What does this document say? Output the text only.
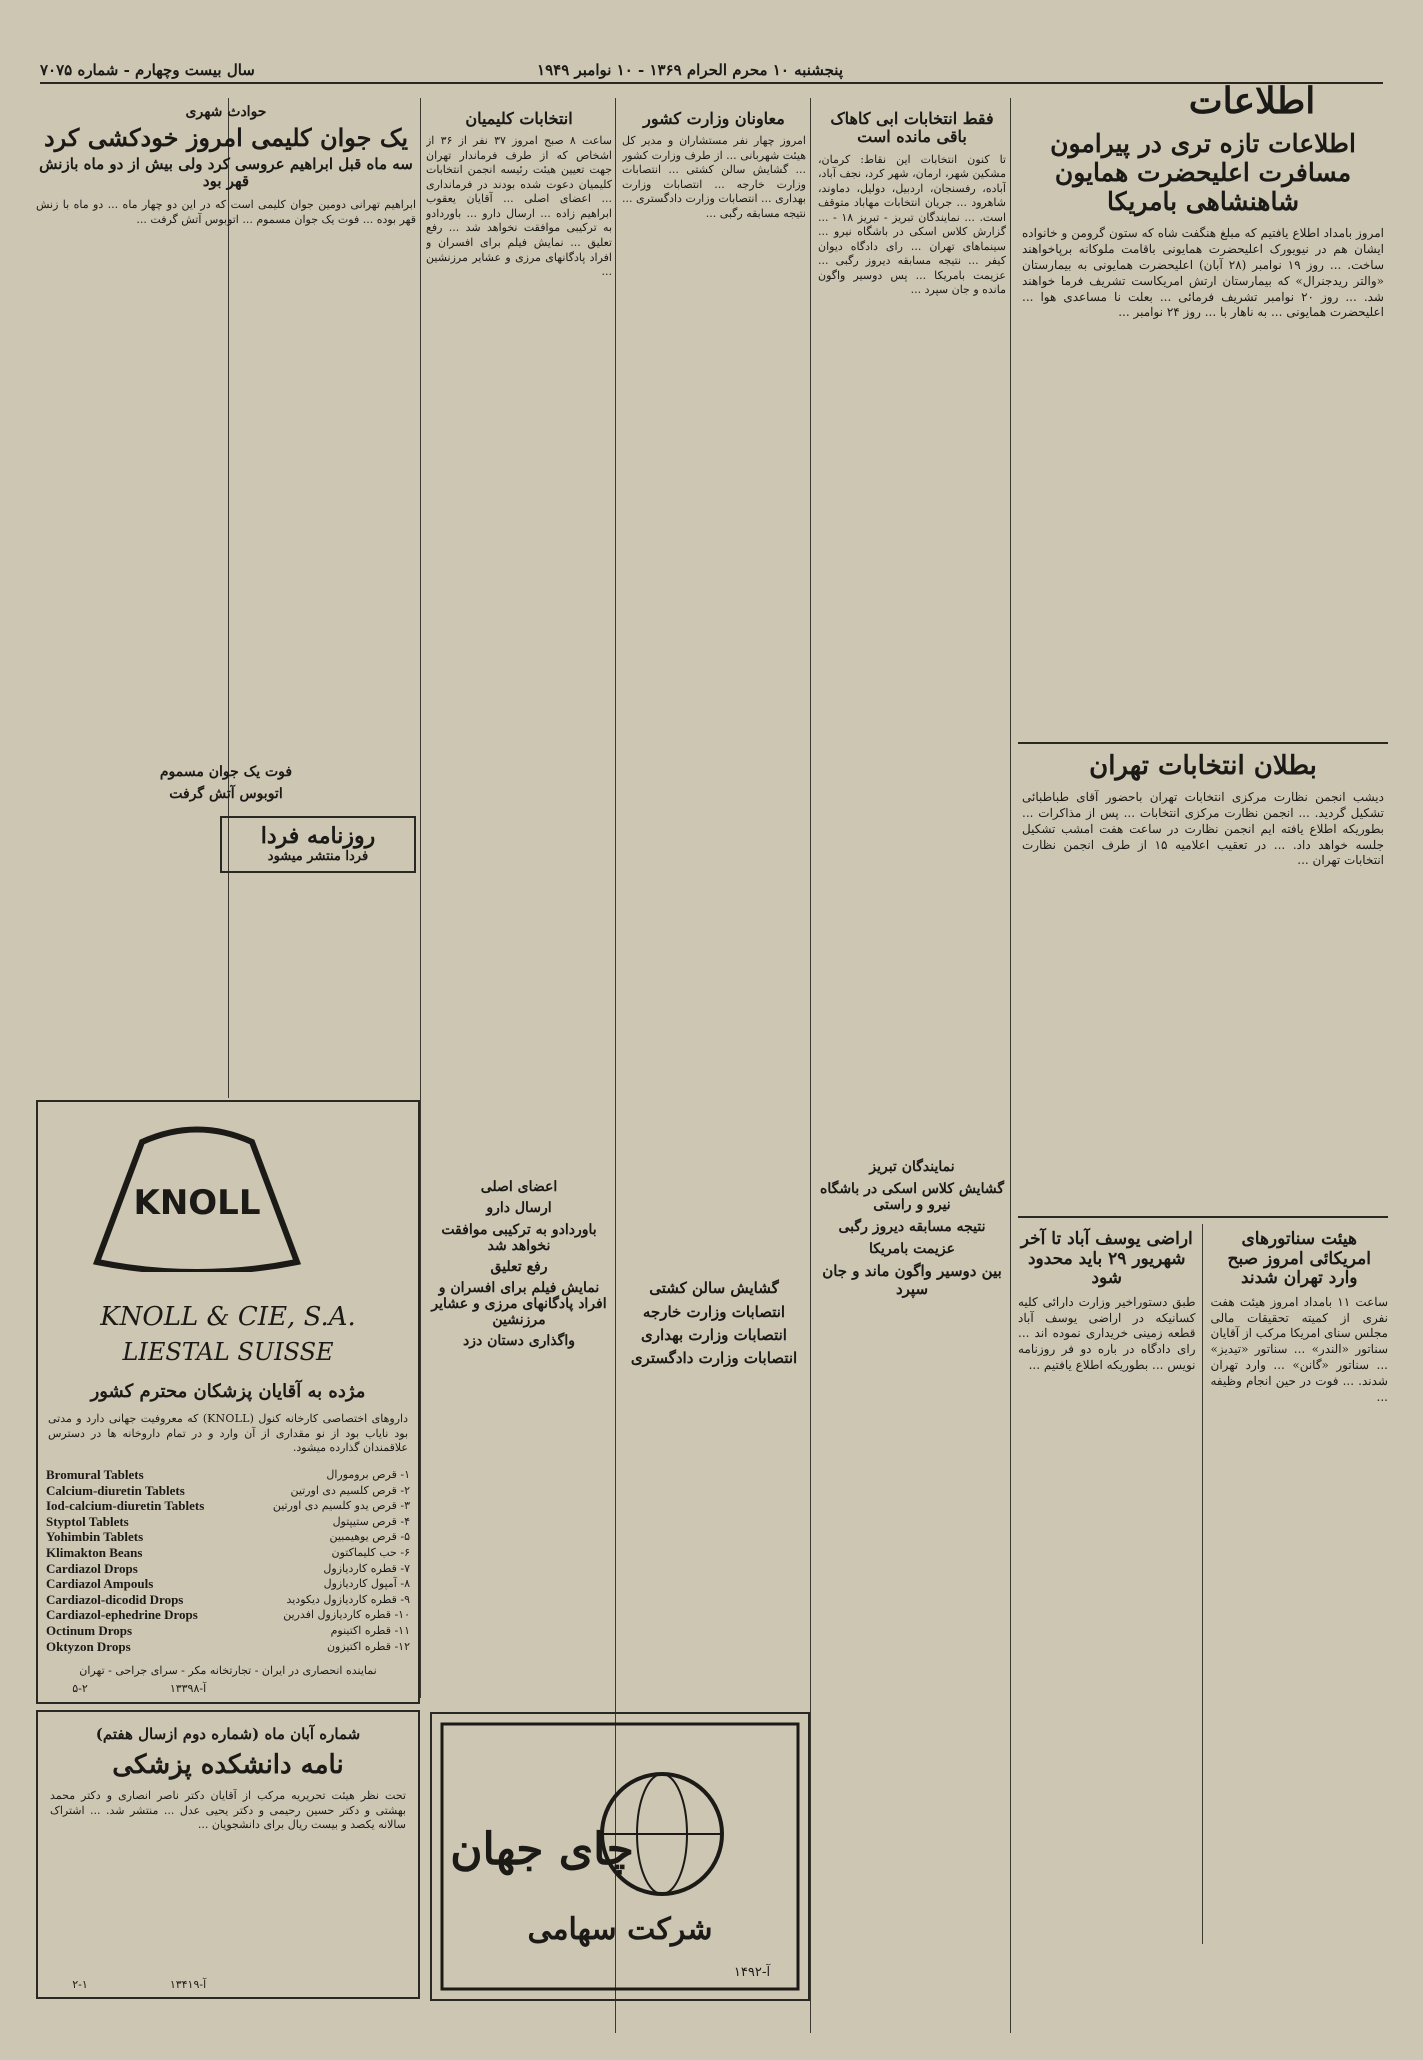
پنجشنبه ۱۰ محرم الحرام ۱۳۶۹ - ۱۰ نوامبر ۱۹۴۹
سال بیست وچهارم - شماره ۷۰۷۵
اطلاعات
اطلاعات تازه تری در پیرامون مسافرت اعلیحضرت همایون شاهنشاهی بامریکا
امروز بامداد اطلاع یافتیم که مبلغ هنگفت شاه که ستون گرومن و خانواده ایشان هم در نیویورک اعلیحضرت همایونی باقامت ملوکانه برپاخواهند ساخت. ... روز ۱۹ نوامبر (۲۸ آبان) اعلیحضرت همایونی به بیمارستان «والتر ریدجنرال» که بیمارستان ارتش امریکاست تشریف فرما خواهند شد. ... روز ۲۰ نوامبر تشریف فرمائی ... بعلت نا مساعدی هوا ... اعلیحضرت همایونی ... به ناهار با ... روز ۲۴ نوامبر ...
بطلان انتخابات تهران
دیشب انجمن نظارت مرکزی انتخابات تهران باحضور آقای طباطبائی تشکیل گردید. ... انجمن نظارت مرکزی انتخابات ... پس از مذاکرات ... بطوریکه اطلاع یافته ایم انجمن نظارت در ساعت هفت امشب تشکیل جلسه خواهد داد. ... در تعقیب اعلامیه ۱۵ از طرف انجمن نظارت انتخابات تهران ...
هیئت سناتورهای امریکائی امروز صبح وارد تهران شدند
ساعت ۱۱ بامداد امروز هیئت هفت نفری از کمیته تحقیقات مالی مجلس سنای امریکا مرکب از آقایان سناتور «الندر» ... سناتور «تیدیز» ... سناتور «گانن» ... وارد تهران شدند. ... فوت در حین انجام وظیفه ...
اراضی یوسف آباد تا آخر شهریور ۲۹ باید محدود شود
طبق دستوراخیر وزارت دارائی کلیه کسانیکه در اراضی یوسف آباد قطعه زمینی خریداری نموده اند ... رای دادگاه در باره دو فر روزنامه نویس ... بطوریکه اطلاع یافتیم ...
فقط انتخابات ابی کاهاک باقی مانده است
تا کنون انتخابات این نقاط: کرمان، مشکین شهر، ارمان، شهر کرد، نجف آباد، آباده، رفسنجان، اردبیل، دولیل، دماوند، شاهرود ... جریان انتخابات مهاباد متوقف است. ... نمایندگان تبریز - تبریز ۱۸ - ... گزارش کلاس اسکی در باشگاه نیرو ... سینماهای تهران ... رای دادگاه دیوان کیفر ... نتیجه مسابقه دیروز رگبی ... عزیمت بامریکا ... پس دوسیر واگون مانده و جان سپرد ...
نمایندگان تبریز
گشایش کلاس اسکی در باشگاه نیرو و راستی
نتیجه مسابقه دیروز رگبی
عزیمت بامریکا
بین دوسیر واگون ماند و جان سپرد
معاونان وزارت کشور
امروز چهار نفر مستشاران و مدیر کل هیئت شهربانی ... از طرف وزارت کشور ... گشایش سالن کشتی ... انتصابات وزارت خارجه ... انتصابات وزارت بهداری ... انتصابات وزارت دادگستری ... نتیجه مسابقه رگبی ...
گشایش سالن کشتی
انتصابات وزارت خارجه
انتصابات وزارت بهداری
انتصابات وزارت دادگستری
انتخابات کلیمیان
ساعت ۸ صبح امروز ۳۷ نفر از ۳۶ از اشخاص که از طرف فرماندار تهران جهت تعیین هیئت رئیسه انجمن انتخابات کلیمیان دعوت شده بودند در فرمانداری ... اعضای اصلی ... آقایان یعقوب ابراهیم زاده ... ارسال دارو ... باوردادو به ترکیبی موافقت نخواهد شد ... رفع تعلیق ... نمایش فیلم برای افسران و افراد پادگانهای مرزی و عشایر مرزنشین ...
اعضای اصلی
ارسال دارو
باوردادو به ترکیبی موافقت نخواهد شد
رفع تعلیق
نمایش فیلم برای افسران و افراد پادگانهای مرزی و عشایر مرزنشین
واگذاری دستان دزد
حوادث شهری
یک جوان کلیمی امروز خودکشی کرد
سه ماه قبل ابراهیم عروسی کرد ولی بیش از دو ماه بازنش قهر بود
ابراهیم تهرانی دومین جوان کلیمی است که در این دو چهار ماه ... دو ماه با زنش قهر بوده ... فوت یک جوان مسموم ... اتوبوس آتش گرفت ...
فوت یک جوان مسموم
اتوبوس آتش گرفت
روزنامه فردا
فردا منتشر میشود
KNOLL
KNOLL & CIE, S.A.
LIESTAL SUISSE
مژده به آقایان پزشکان محترم کشور
داروهای اختصاصی کارخانه کنول (KNOLL) که معروفیت جهانی دارد و مدتی بود نایاب بود از نو مقداری از آن وارد و در تمام داروخانه ها در دسترس علاقمندان گذارده میشود.
Bromural Tablets
Calcium-diuretin Tablets
Iod-calcium-diuretin Tablets
Styptol Tablets
Yohimbin Tablets
Klimakton Beans
Cardiazol Drops
Cardiazol Ampouls
Cardiazol-dicodid Drops
Cardiazol-ephedrine Drops
Octinum Drops
Oktyzon Drops
۱- قرص برومورال
۲- قرص کلسیم دی اورتین
۳- قرص یدو کلسیم دی اورتین
۴- قرص ستیپتول
۵- قرص یوهیمبین
۶- حب کلیماکتون
۷- قطره کاردیازول
۸- آمپول کاردیازول
۹- قطره کاردیازول دیکودید
۱۰- قطره کاردیازول افدرین
۱۱- قطره اکتینوم
۱۲- قطره اکتیزون
نماینده انحصاری در ایران - تجارتخانه مکر - سرای جراحی - تهران
آ-۱۳۳۹۸
۵-۲
شماره آبان ماه (شماره دوم ازسال هفتم)
نامه دانشکده پزشکی
تحت نظر هیئت تحریریه مرکب از آقایان دکتر ناصر انصاری و دکتر محمد بهشتی و دکتر حسین رحیمی و دکتر یحیی عدل ... منتشر شد. ... اشتراک سالانه یکصد و بیست ریال برای دانشجویان ...
آ-۱۳۴۱۹
۲-۱
چای جهان
شرکت سهامی
آ-۱۴۹۲
